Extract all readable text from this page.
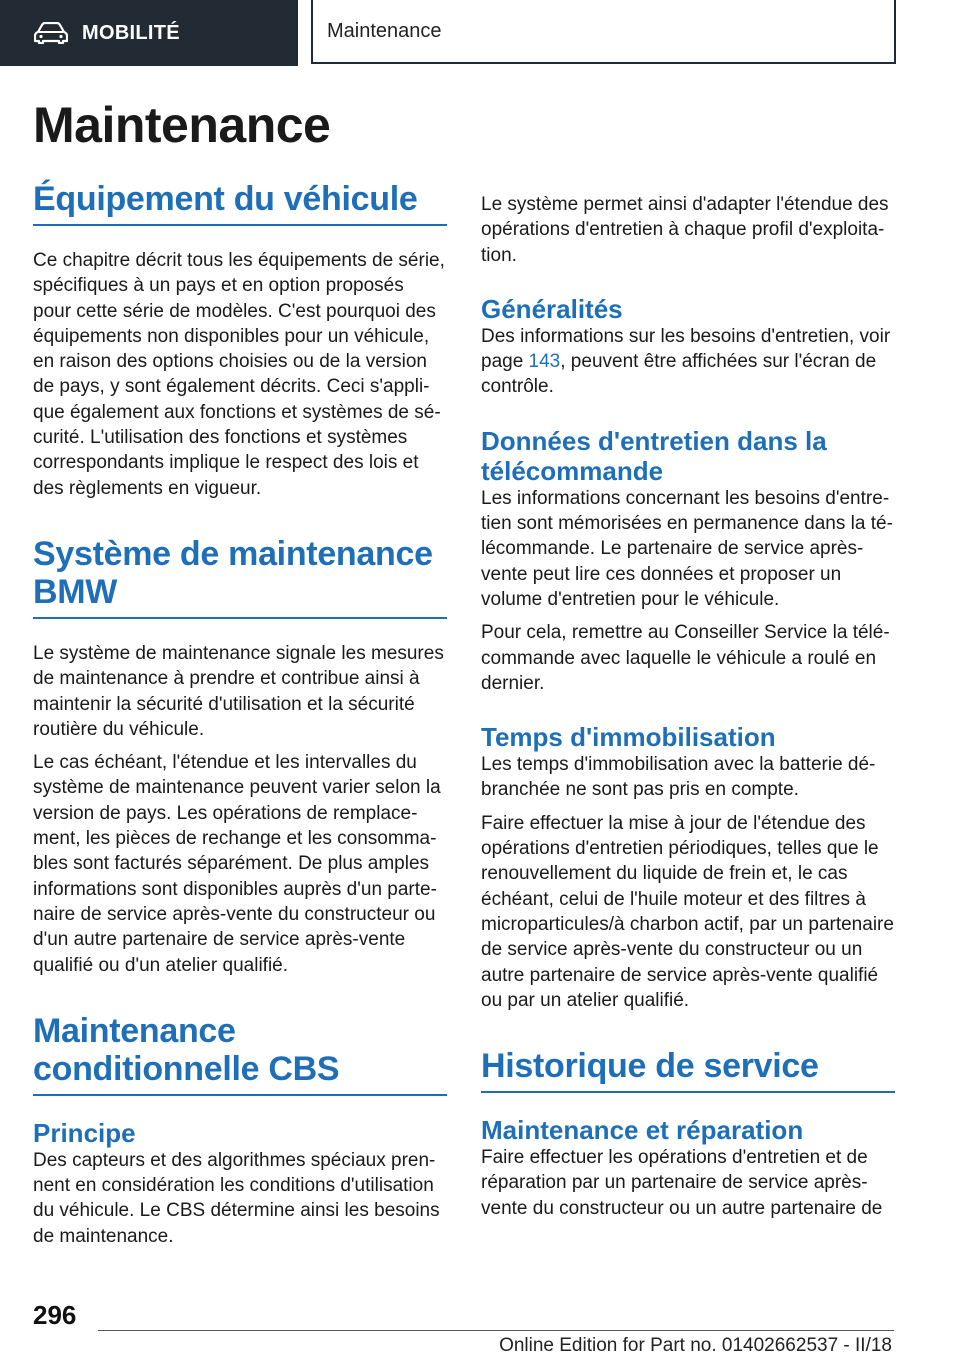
MOBILITÉ	Maintenance
Maintenance
Équipement du véhicule

Ce chapitre décrit tous les équipements de série, spécifiques à un pays et en option proposés pour cette série de modèles. C'est pourquoi des équipements non disponibles pour un véhicule, en raison des options choisies ou de la version de pays, y sont également décrits. Ceci s'applique également aux fonctions et systèmes de sécurité. L'utilisation des fonctions et systèmes correspondants implique le respect des lois et des règlements en vigueur.

Système de maintenance
BMW

Le système de maintenance signale les mesures de maintenance à prendre et contribue ainsi à maintenir la sécurité d'utilisation et la sécurité routière du véhicule.

Le cas échéant, l'étendue et les intervalles du système de maintenance peuvent varier selon la version de pays. Les opérations de remplacement, les pièces de rechange et les consommables sont facturés séparément. De plus amples informations sont disponibles auprès d'un partenaire de service après-vente du constructeur ou d'un autre partenaire de service après-vente qualifié ou d'un atelier qualifié.

Maintenance
conditionnelle CBS
Principe

Des capteurs et des algorithmes spéciaux prennent en considération les conditions d'utilisation du véhicule. Le CBS détermine ainsi les besoins de maintenance.

Le système permet ainsi d'adapter l'étendue des opérations d'entretien à chaque profil d'exploitation.

Généralités

Des informations sur les besoins d'entretien, voir page 143, peuvent être affichées sur l'écran de contrôle.

Données d'entretien dans la télécommande

Les informations concernant les besoins d'entretien sont mémorisées en permanence dans la télécommande. Le partenaire de service après-vente peut lire ces données et proposer un volume d'entretien pour le véhicule.

Pour cela, remettre au Conseiller Service la télécommande avec laquelle le véhicule a roulé en dernier.

Temps d'immobilisation

Les temps d'immobilisation avec la batterie débranchée ne sont pas pris en compte.

Faire effectuer la mise à jour de l'étendue des opérations d'entretien périodiques, telles que le renouvellement du liquide de frein et, le cas échéant, celui de l'huile moteur et des filtres à microparticules/à charbon actif, par un partenaire de service après-vente du constructeur ou un autre partenaire de service après-vente qualifié ou par un atelier qualifié.

Historique de service
Maintenance et réparation

Faire effectuer les opérations d'entretien et de réparation par un partenaire de service après-vente du constructeur ou un autre partenaire de

296
Online Edition for Part no. 01402662537 - II/18
